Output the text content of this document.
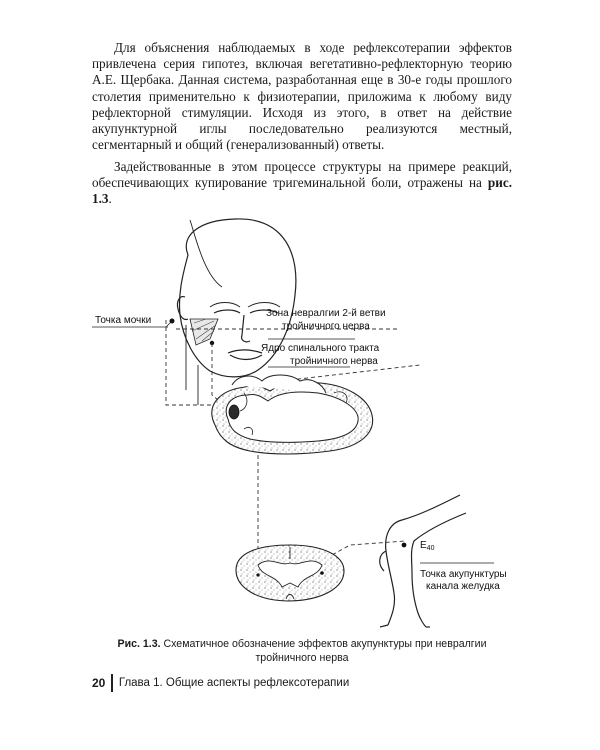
Для объяснения наблюдаемых в ходе рефлексотерапии эффектов привлечена серия гипотез, включая вегетативно-рефлекторную теорию А.Е. Щербака. Данная система, разработанная еще в 30-е годы прошлого столетия применительно к физиотерапии, приложима к любому виду рефлекторной стимуляции. Исходя из этого, в ответ на действие акупунктурной иглы последовательно реализуются местный, сегментарный и общий (генерализованный) ответы.

Задействованные в этом процессе структуры на примере реакций, обеспечивающих купирование тригеминальной боли, отражены на рис. 1.3.

Точка мочки
Зона невралгии 2-й ветви
тройничного нерва
Ядро спинального тракта
тройничного нерва
$E_{40}$
Точка акупунктуры
канала желудка

Рис. 1.3. Схематичное обозначение эффектов акупунктуры при невралгии тройничного нерва

20 Глава 1. Общие аспекты рефлексотерапии
